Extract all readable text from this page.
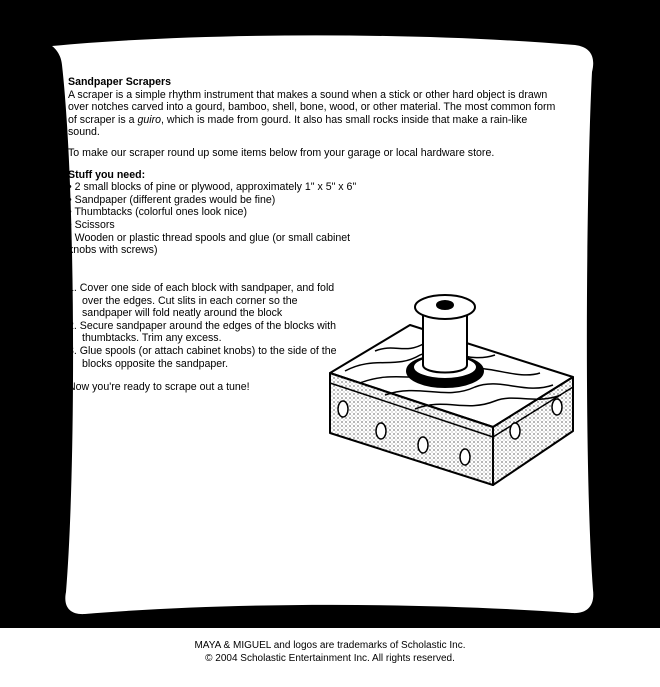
Sandpaper Scrapers

A scraper is a simple rhythm instrument that makes a sound when a stick or other hard object is drawn over notches carved into a gourd, bamboo, shell, bone, wood, or other material. The most common form of scraper is a guiro, which is made from gourd. It also has small rocks inside that make a rain-like sound.

To make our scraper round up some items below from your garage or local hardware store.

Stuff you need:

• 2 small blocks of pine or plywood, approximately 1" x 5" x 6"
• Sandpaper (different grades would be fine)
• Thumbtacks (colorful ones look nice)
• Scissors
• Wooden or plastic thread spools and glue (or small cabinet knobs with screws)
1. Cover one side of each block with sandpaper, and fold over the edges. Cut slits in each corner so the sandpaper will fold neatly around the block
2. Secure sandpaper around the edges of the blocks with thumbtacks. Trim any excess.
3. Glue spools (or attach cabinet knobs) to the side of the blocks opposite the sandpaper.

Now you're ready to scrape out a tune!

MAYA & MIGUEL and logos are trademarks of Scholastic Inc.
© 2004 Scholastic Entertainment Inc. All rights reserved.
